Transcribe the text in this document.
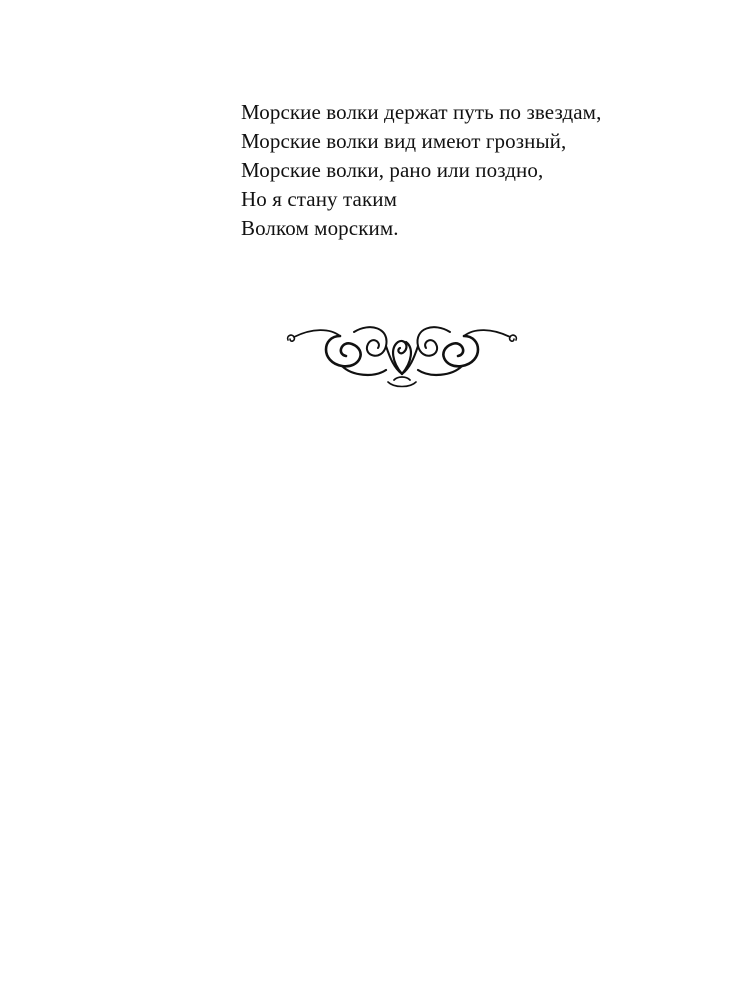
Морские волки держат путь по звездам,
Морские волки вид имеют грозный,
Морские волки, рано или поздно,
Но я стану таким
Волком морским.
